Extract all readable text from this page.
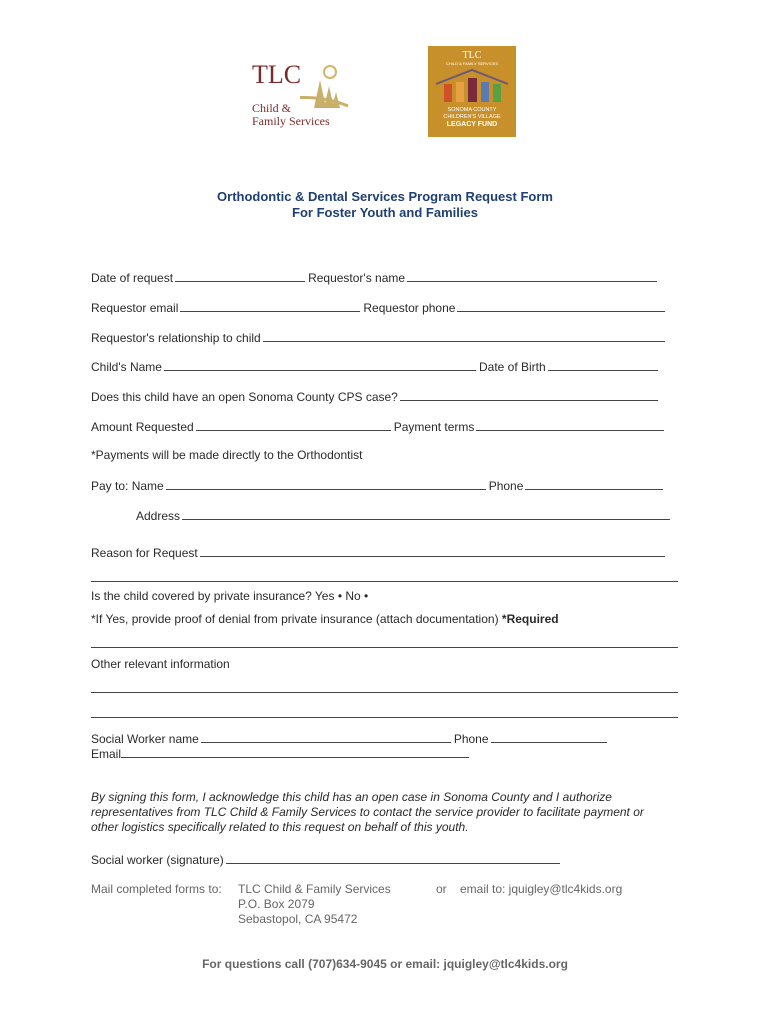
TLC
Child &
Family Services
TLC
CHILD & FAMILY SERVICES
SONOMA COUNTY
CHILDREN'S VILLAGE
LEGACY FUND
Orthodontic & Dental Services Program Request Form
For Foster Youth and Families
Date of request	Requestor's name
Requestor email	Requestor phone
Requestor's relationship to child
Child's Name	Date of Birth
Does this child have an open Sonoma County CPS case?
Amount Requested	Payment terms
*Payments will be made directly to the Orthodontist
Pay to: Name	Phone
Address
Reason for Request
Is the child covered by private insurance? Yes • No •
*If Yes, provide proof of denial from private insurance (attach documentation) *Required
Other relevant information
Social Worker name	Phone
Email
By signing this form, I acknowledge this child has an open case in Sonoma County and I authorize
representatives from TLC Child & Family Services to contact the service provider to facilitate payment or
other logistics specifically related to this request on behalf of this youth.
Social worker (signature)
Mail completed forms to: TLC Child & Family Services
P.O. Box 2079
Sebastopol, CA 95472
or email to: jquigley@tlc4kids.org
For questions call (707)634-9045 or email: jquigley@tlc4kids.org
